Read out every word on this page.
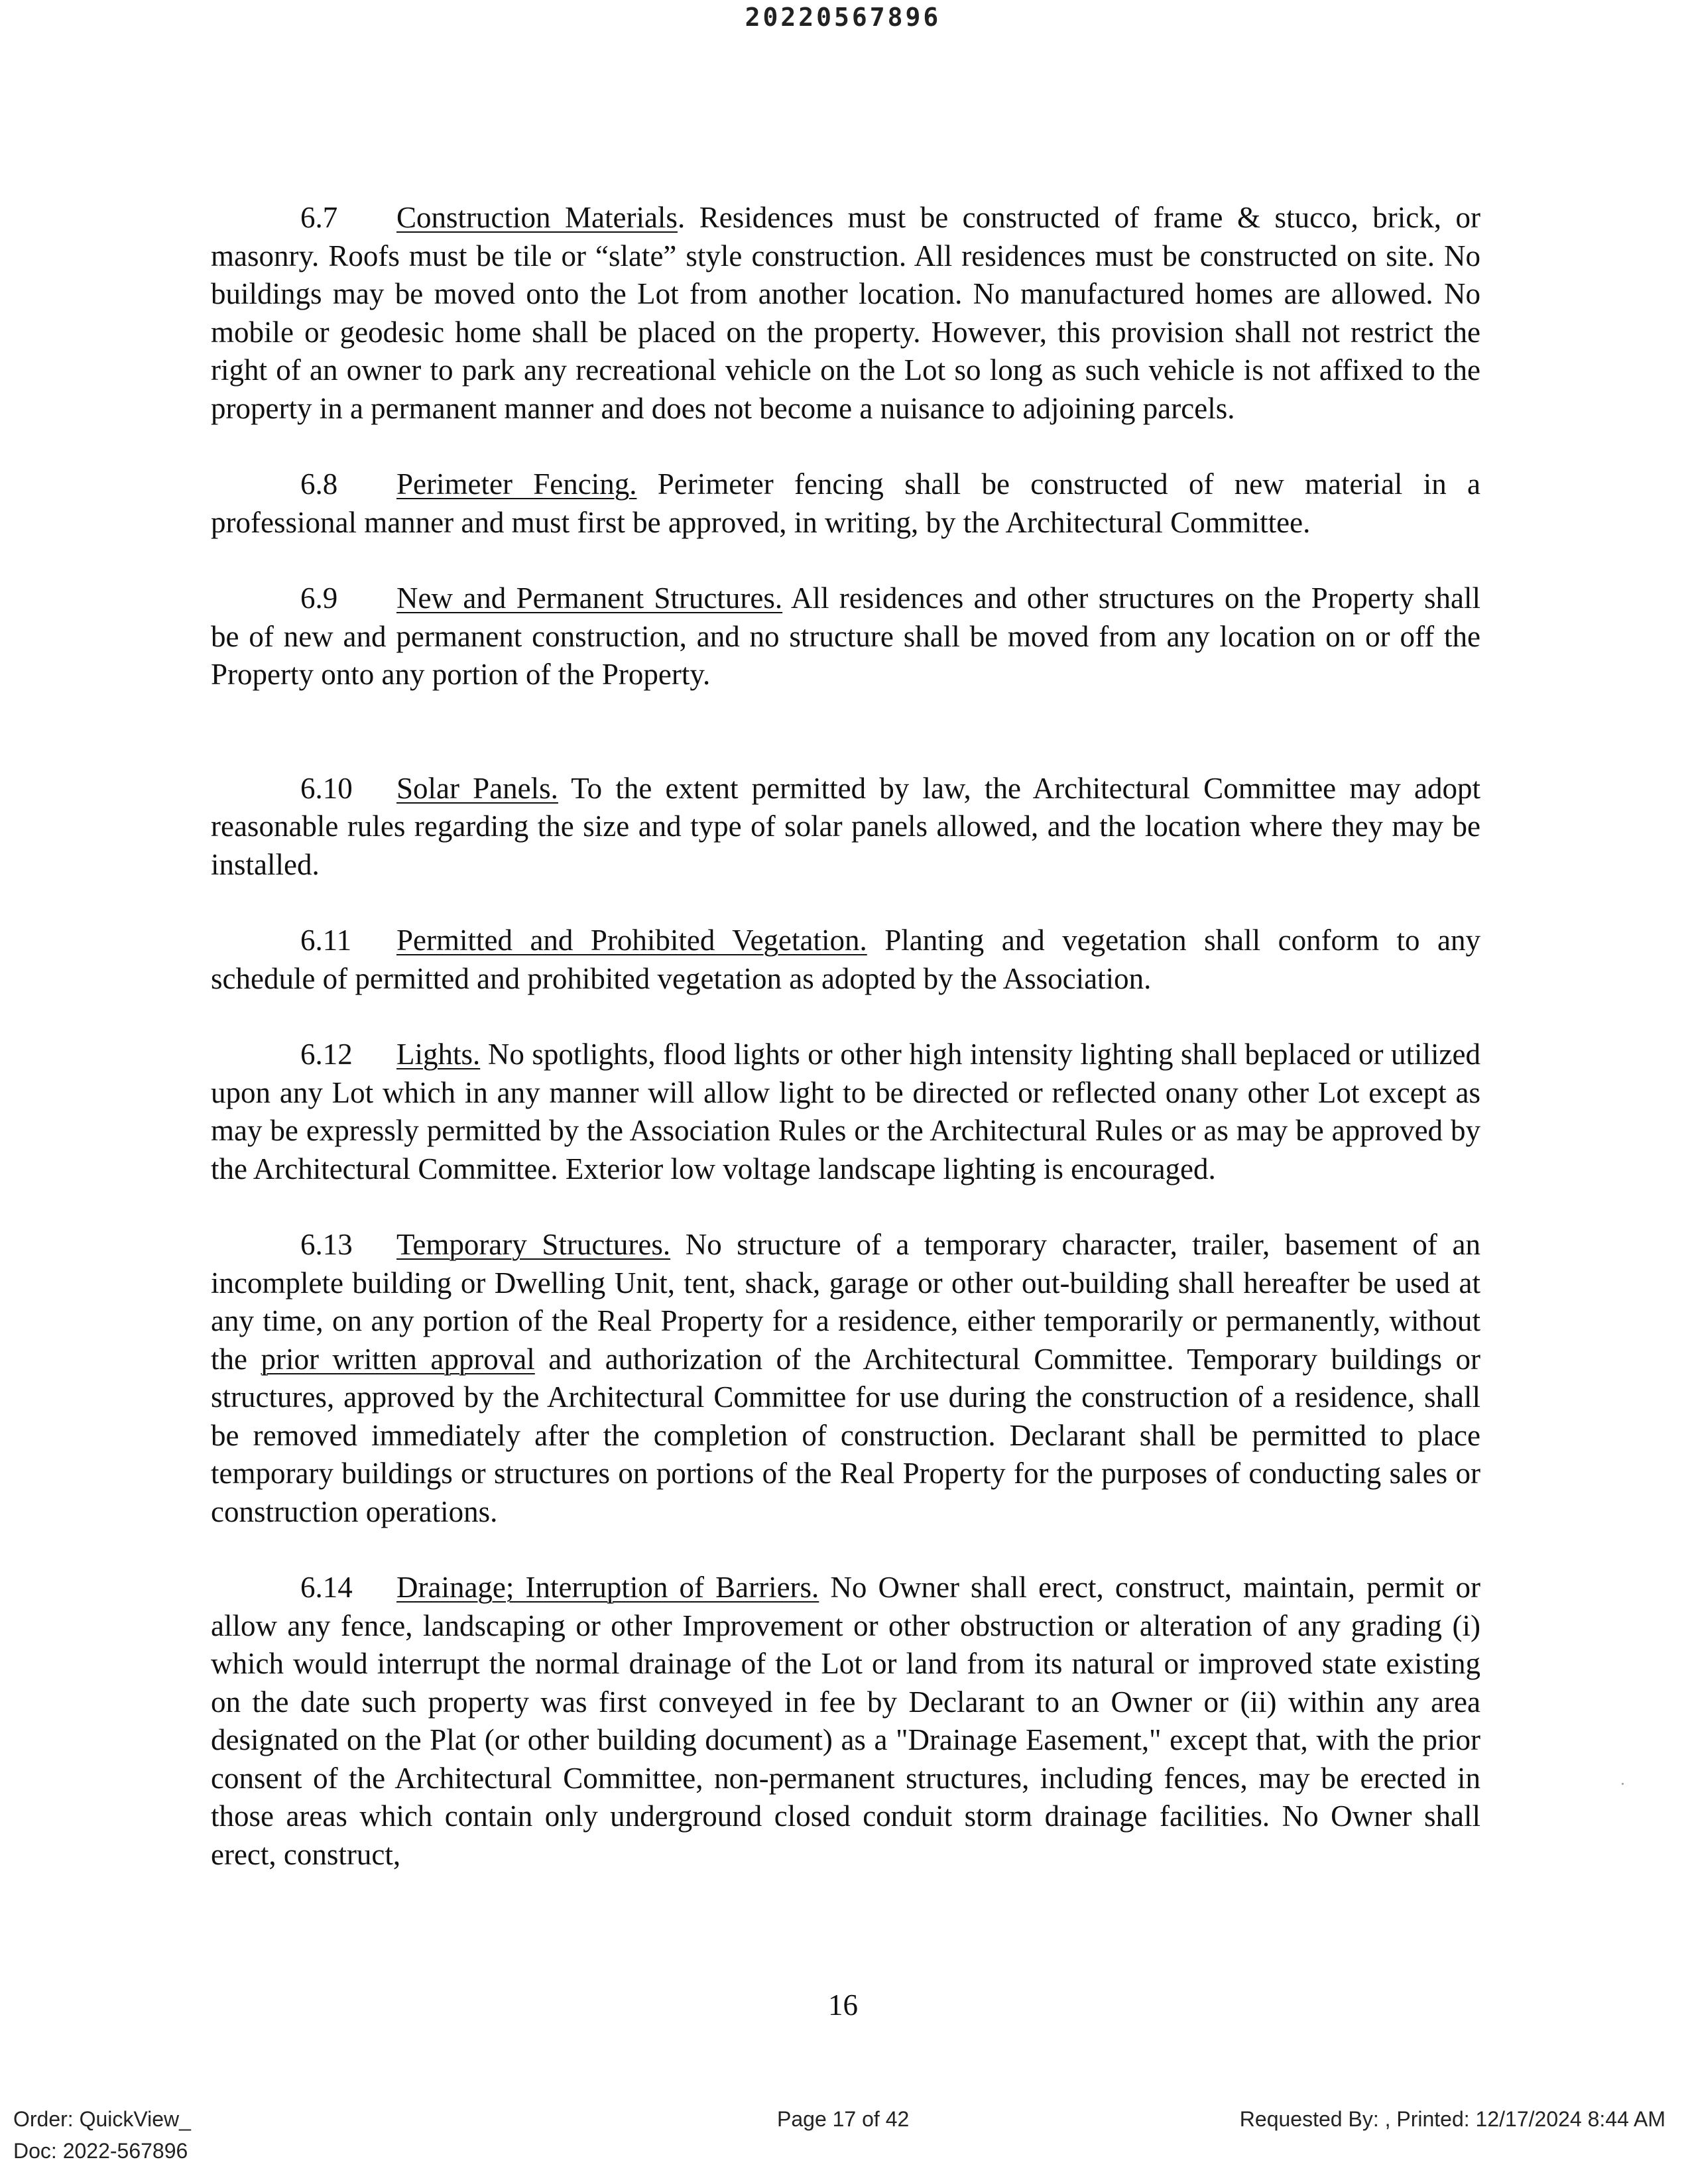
20220567896

6.7 Construction Materials. Residences must be constructed of frame & stucco, brick, or masonry. Roofs must be tile or “slate” style construction. All residences must be constructed on site. No buildings may be moved onto the Lot from another location. No manufactured homes are allowed. No mobile or geodesic home shall be placed on the property. However, this provision shall not restrict the right of an owner to park any recreational vehicle on the Lot so long as such vehicle is not affixed to the property in a permanent manner and does not become a nuisance to adjoining parcels.

6.8 Perimeter Fencing. Perimeter fencing shall be constructed of new material in a professional manner and must first be approved, in writing, by the Architectural Committee.

6.9 New and Permanent Structures. All residences and other structures on the Property shall be of new and permanent construction, and no structure shall be moved from any location on or off the Property onto any portion of the Property.

6.10 Solar Panels. To the extent permitted by law, the Architectural Committee may adopt reasonable rules regarding the size and type of solar panels allowed, and the location where they may be installed.

6.11 Permitted and Prohibited Vegetation. Planting and vegetation shall conform to any schedule of permitted and prohibited vegetation as adopted by the Association.

6.12 Lights. No spotlights, flood lights or other high intensity lighting shall beplaced or utilized upon any Lot which in any manner will allow light to be directed or reflected onany other Lot except as may be expressly permitted by the Association Rules or the Architectural Rules or as may be approved by the Architectural Committee. Exterior low voltage landscape lighting is encouraged.

6.13 Temporary Structures. No structure of a temporary character, trailer, basement of an incomplete building or Dwelling Unit, tent, shack, garage or other out-building shall hereafter be used at any time, on any portion of the Real Property for a residence, either temporarily or permanently, without the prior written approval and authorization of the Architectural Committee. Temporary buildings or structures, approved by the Architectural Committee for use during the construction of a residence, shall be removed immediately after the completion of construction. Declarant shall be permitted to place temporary buildings or structures on portions of the Real Property for the purposes of conducting sales or construction operations.

6.14 Drainage; Interruption of Barriers. No Owner shall erect, construct, maintain, permit or allow any fence, landscaping or other Improvement or other obstruction or alteration of any grading (i) which would interrupt the normal drainage of the Lot or land from its natural or improved state existing on the date such property was first conveyed in fee by Declarant to an Owner or (ii) within any area designated on the Plat (or other building document) as a "Drainage Easement," except that, with the prior consent of the Architectural Committee, non-permanent structures, including fences, may be erected in those areas which contain only underground closed conduit storm drainage facilities. No Owner shall erect, construct,

16
Order: QuickView_
Doc: 2022-567896
Page 17 of 42	Requested By: , Printed: 12/17/2024 8:44 AM
